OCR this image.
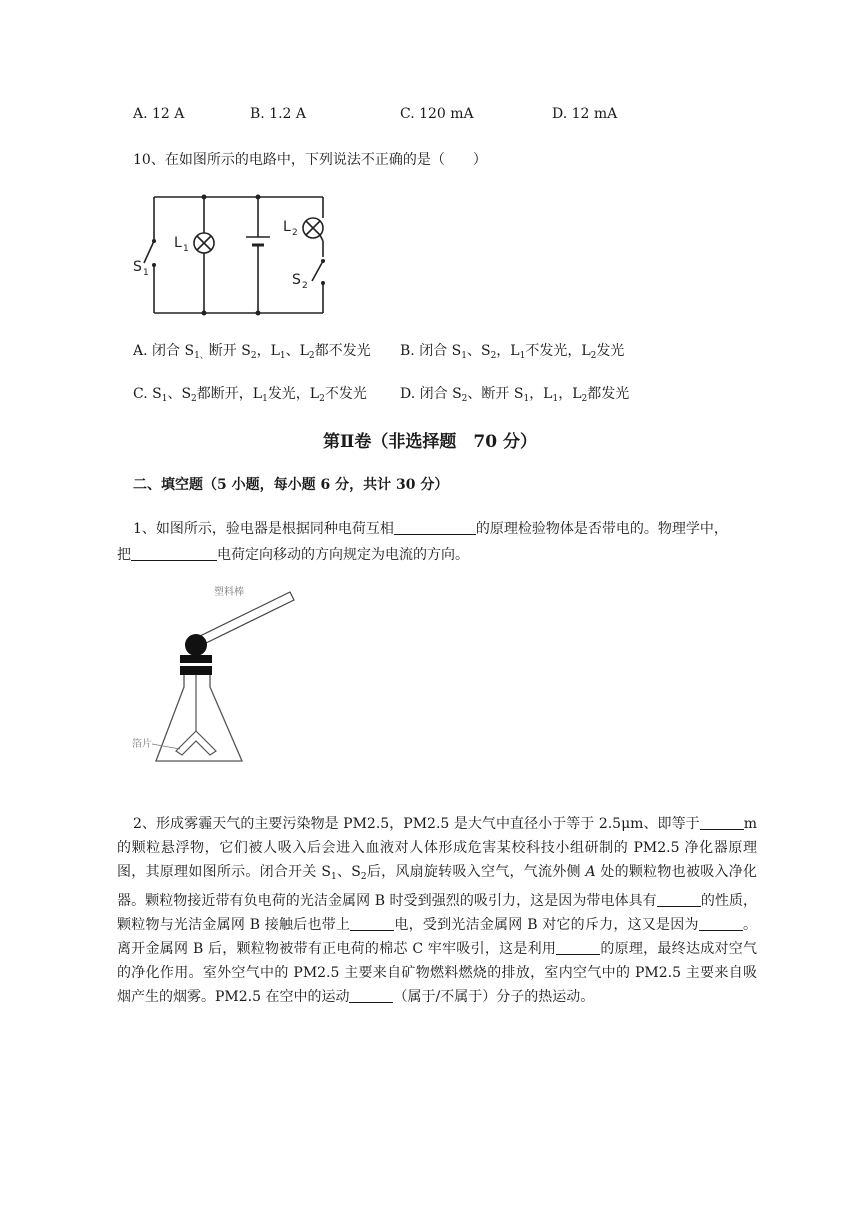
A. 12 A	B. 1.2 A	C. 120 mA	D. 12 mA
10、在如图所示的电路中，下列说法不正确的是（　　）
S 1
L 1
L 2
S 2
A. 闭合 $S_{1、}$断开 $S_2$，$L_1$、$L_2$都不发光 B. 闭合 $S_1$、$S_2$，$L_1$不发光，$L_2$发光
C. $S_1$、$S_2$都断开，$L_1$发光，$L_2$不发光 D. 闭合 $S_2$、断开 $S_1$，$L_1$，$L_2$都发光
第Ⅱ卷（非选择题　70 分）
二、填空题（5 小题，每小题 6 分，共计 30 分）
1、如图所示，验电器是根据同种电荷互相	的原理检验物体是否带电的。物理学中，
把	电荷定向移动的方向规定为电流的方向。
塑料棒
箔片
2、形成雾霾天气的主要污染物是 PM2.5，PM2.5 是大气中直径小于等于 2.5μm、即等于	m的颗粒悬浮物，它们被人吸入后会进入血液对人体形成危害某校科技小组研制的 PM2.5 净化器原理图，其原理如图所示。闭合开关 $S_1$、$S_2$后，风扇旋转吸入空气，气流外侧 A 处的颗粒物也被吸入净化器。颗粒物接近带有负电荷的光洁金属网 B 时受到强烈的吸引力，这是因为带电体具有	的性质，颗粒物与光洁金属网 B 接触后也带上	电，受到光洁金属网 B 对它的斥力，这又是因为	。离开金属网 B 后，颗粒物被带有正电荷的棉芯 C 牢牢吸引，这是利用	的原理，最终达成对空气的净化作用。室外空气中的 PM2.5 主要来自矿物燃料燃烧的排放，室内空气中的 PM2.5 主要来自吸烟产生的烟雾。PM2.5 在空中的运动	（属于/不属于）分子的热运动。
